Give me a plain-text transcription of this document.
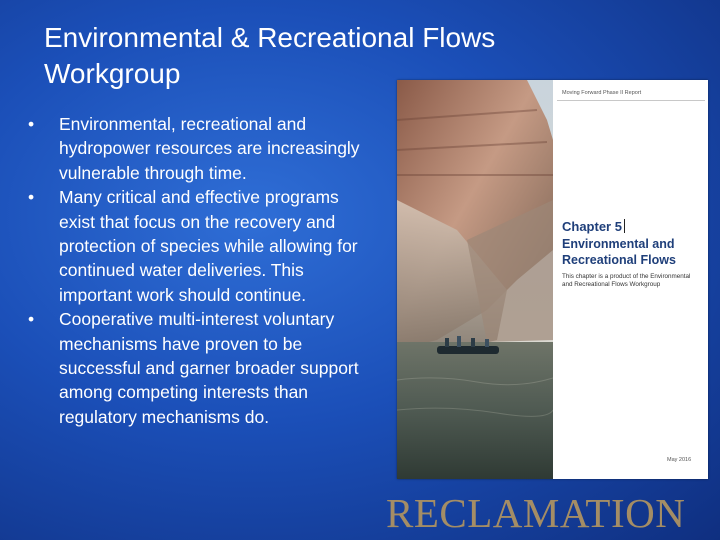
Environmental & Recreational Flows
Workgroup
•	Environmental, recreational and hydropower resources are increasingly vulnerable through time.
•	Many critical and effective programs exist that focus on the recovery and protection of species while allowing for continued water deliveries. This important work should continue.
•	Cooperative multi-interest voluntary mechanisms have proven to be successful and garner broader support among competing interests than regulatory mechanisms do.
Moving Forward Phase II Report
Chapter 5
Environmental and
Recreational Flows
This chapter is a product of the Environmental and Recreational Flows Workgroup
May 2016
RECLAMATION
